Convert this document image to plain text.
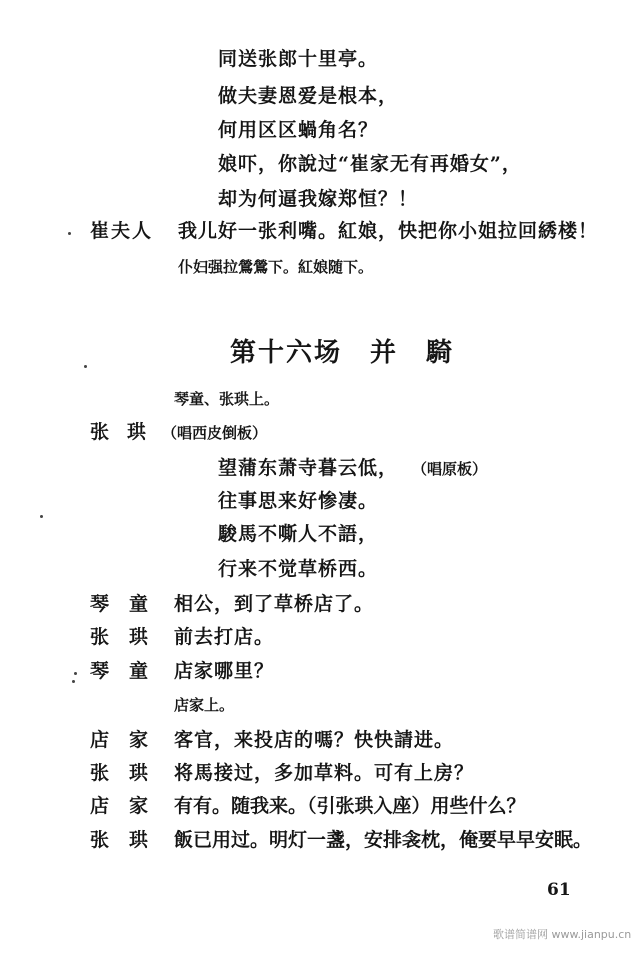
同送张郎十里亭。
做夫妻恩爱是根本，
何用区区蝸角名？
娘吓，你說过“崔家无有再婚女”，
却为何逼我嫁郑恒？！
崔夫人 我儿好一张利嘴。紅娘，快把你小姐拉回綉楼！
仆妇强拉鶯鶯下。紅娘随下。
第十六场　并　騎
琴童、张珙上。
张珙
（唱西皮倒板）
望蒲东萧寺暮云低， （唱原板）
往事思来好惨凄。
駿馬不嘶人不語，
行来不觉草桥西。
琴童 相公，到了草桥店了。
张珙 前去打店。
琴童 店家哪里？
店家上。
店家 客官，来投店的嗎？快快請进。
张珙 将馬接过，多加草料。可有上房？
店家 有有。随我来。（引张珙入座）用些什么？
张珙 飯已用过。明灯一盞，安排衾枕，俺要早早安眠。
61
歌谱简谱网 www.jianpu.cn
